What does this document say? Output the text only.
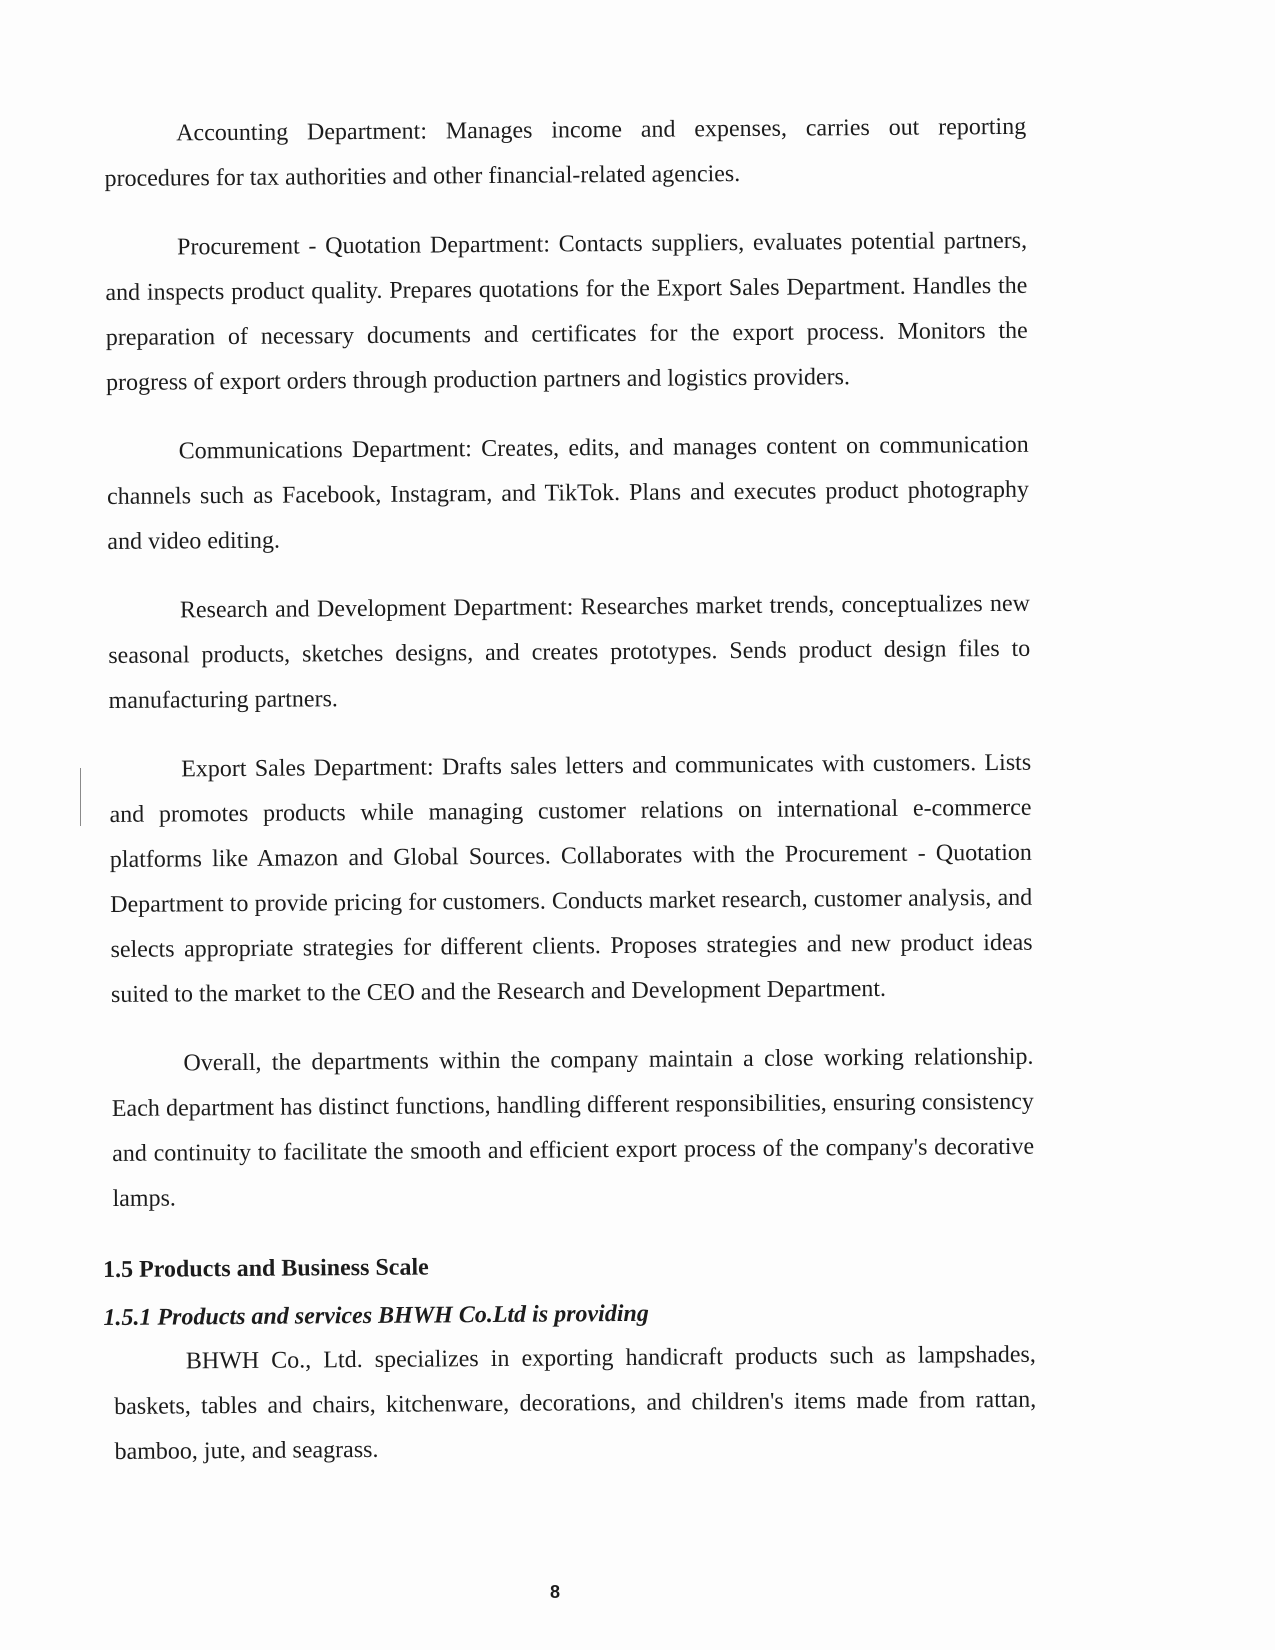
Accounting Department: Manages income and expenses, carries out reporting procedures for tax authorities and other financial-related agencies.

Procurement - Quotation Department: Contacts suppliers, evaluates potential partners, and inspects product quality. Prepares quotations for the Export Sales Department. Handles the preparation of necessary documents and certificates for the export process. Monitors the progress of export orders through production partners and logistics providers.

Communications Department: Creates, edits, and manages content on communication channels such as Facebook, Instagram, and TikTok. Plans and executes product photography and video editing.

Research and Development Department: Researches market trends, conceptualizes new seasonal products, sketches designs, and creates prototypes. Sends product design files to manufacturing partners.

Export Sales Department: Drafts sales letters and communicates with customers. Lists and promotes products while managing customer relations on international e-commerce platforms like Amazon and Global Sources. Collaborates with the Procurement - Quotation Department to provide pricing for customers. Conducts market research, customer analysis, and selects appropriate strategies for different clients. Proposes strategies and new product ideas suited to the market to the CEO and the Research and Development Department.

Overall, the departments within the company maintain a close working relationship. Each department has distinct functions, handling different responsibilities, ensuring consistency and continuity to facilitate the smooth and efficient export process of the company's decorative lamps.

1.5 Products and Business Scale
1.5.1 Products and services BHWH Co.Ltd is providing

BHWH Co., Ltd. specializes in exporting handicraft products such as lampshades, baskets, tables and chairs, kitchenware, decorations, and children's items made from rattan, bamboo, jute, and seagrass.

8
